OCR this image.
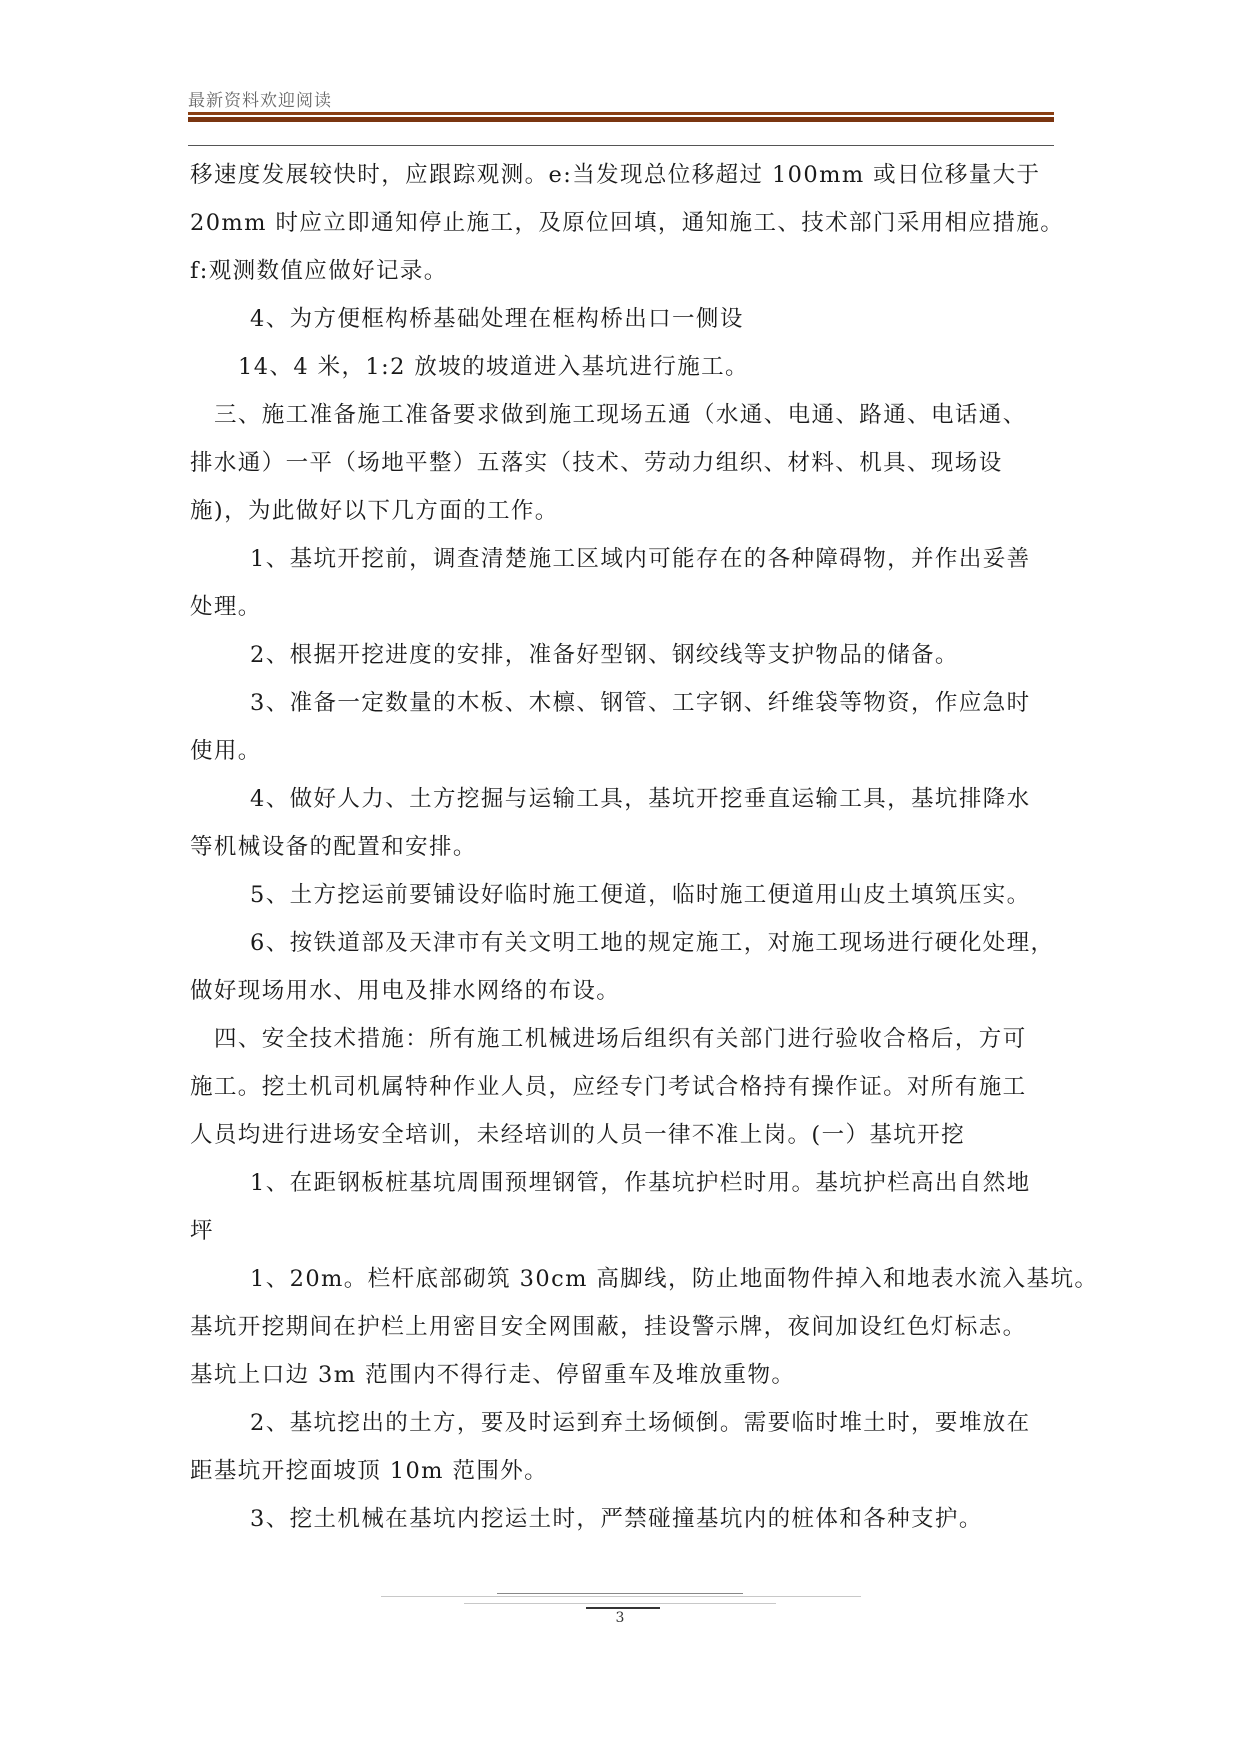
最新资料欢迎阅读
移速度发展较快时，应跟踪观测。e:当发现总位移超过 100mm 或日位移量大于
20mm 时应立即通知停止施工，及原位回填，通知施工、技术部门采用相应措施。
f:观测数值应做好记录。
4、为方便框构桥基础处理在框构桥出口一侧设
14、4 米，1:2 放坡的坡道进入基坑进行施工。
三、施工准备施工准备要求做到施工现场五通（水通、电通、路通、电话通、
排水通）一平（场地平整）五落实（技术、劳动力组织、材料、机具、现场设
施)，为此做好以下几方面的工作。
1、基坑开挖前，调查清楚施工区域内可能存在的各种障碍物，并作出妥善
处理。
2、根据开挖进度的安排，准备好型钢、钢绞线等支护物品的储备。
3、准备一定数量的木板、木檩、钢管、工字钢、纤维袋等物资，作应急时
使用。
4、做好人力、土方挖掘与运输工具，基坑开挖垂直运输工具，基坑排降水
等机械设备的配置和安排。
5、土方挖运前要铺设好临时施工便道，临时施工便道用山皮土填筑压实。
6、按铁道部及天津市有关文明工地的规定施工，对施工现场进行硬化处理，
做好现场用水、用电及排水网络的布设。
四、安全技术措施：所有施工机械进场后组织有关部门进行验收合格后，方可
施工。挖土机司机属特种作业人员，应经专门考试合格持有操作证。对所有施工
人员均进行进场安全培训，未经培训的人员一律不准上岗。(一）基坑开挖
1、在距钢板桩基坑周围预埋钢管，作基坑护栏时用。基坑护栏高出自然地
坪
1、20m。栏杆底部砌筑 30cm 高脚线，防止地面物件掉入和地表水流入基坑。
基坑开挖期间在护栏上用密目安全网围蔽，挂设警示牌，夜间加设红色灯标志。
基坑上口边 3m 范围内不得行走、停留重车及堆放重物。
2、基坑挖出的土方，要及时运到弃土场倾倒。需要临时堆土时，要堆放在
距基坑开挖面坡顶 10m 范围外。
3、挖土机械在基坑内挖运土时，严禁碰撞基坑内的桩体和各种支护。
3
